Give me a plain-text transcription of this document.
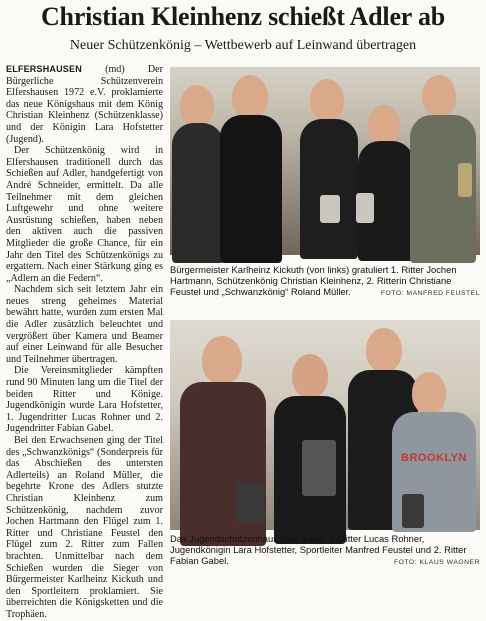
Christian Kleinhenz schießt Adler ab
Neuer Schützenkönig – Wettbewerb auf Leinwand übertragen

ELFERSHAUSEN (md) Der Bürgerliche Schützenverein Elfershausen 1972 e.V. proklamierte das neue Königshaus mit dem König Christian Kleinhenz (Schützenklasse) und der Königin Lara Hofstetter (Jugend).

Der Schützenkönig wird in Elfershausen traditionell durch das Schießen auf Adler, handgefertigt von André Schneider, ermittelt. Da alle Teilnehmer mit dem gleichen Luftgewehr und ohne weitere Ausrüstung schießen, haben neben den aktiven auch die passiven Mitglieder die große Chance, für ein Jahr den Titel des Schützenkönigs zu ergattern. Nach einer Stärkung ging es „Adlern an die Federn“.

Nachdem sich seit letztem Jahr ein neues streng geheimes Material bewährt hatte, wurden zum ersten Mal die Adler zusätzlich beleuchtet und vergrößert über Kamera und Beamer auf einer Leinwand für alle Besucher und Teilnehmer übertragen.

Die Vereinsmitglieder kämpften rund 90 Minuten lang um die Titel der beiden Ritter und Könige. Jugendkönigin wurde Lara Hofstetter, 1. Jugendritter Lucas Rohner und 2. Jugendritter Fabian Gabel.

Bei den Erwachsenen ging der Titel des „Schwanzkönigs“ (Sonderpreis für das Abschießen des untersten Adlerteils) an Roland Müller, die begehrte Krone des Adlers stutzte Christian Kleinhenz zum Schützenkönig, nachdem zuvor Jochen Hartmann den Flügel zum 1. Ritter und Christiane Feustel den Flügel zum 2. Ritter zum Fallen brachten. Unmittelbar nach dem Schießen wurden die Sieger von Bürgermeister Karlheinz Kickuth und den Sportleitern proklamiert. Sie überreichten die Königsketten und die Trophäen.

Bürgermeister Karlheinz Kickuth (von links) gratuliert 1. Ritter Jochen Hartmann, Schützenkönig Christian Kleinhenz, 2. Ritterin Christiane Feustel und „Schwanzkönig“ Roland Müller.	FOTO: MANFRED FEUSTEL
BROOKLYN
Das Jugendschützenhaus (von links): 1. Ritter Lucas Rohner, Jugendkönigin Lara Hofstetter, Sportleiter Manfred Feustel und 2. Ritter Fabian Gabel.	FOTO: KLAUS WAGNER
